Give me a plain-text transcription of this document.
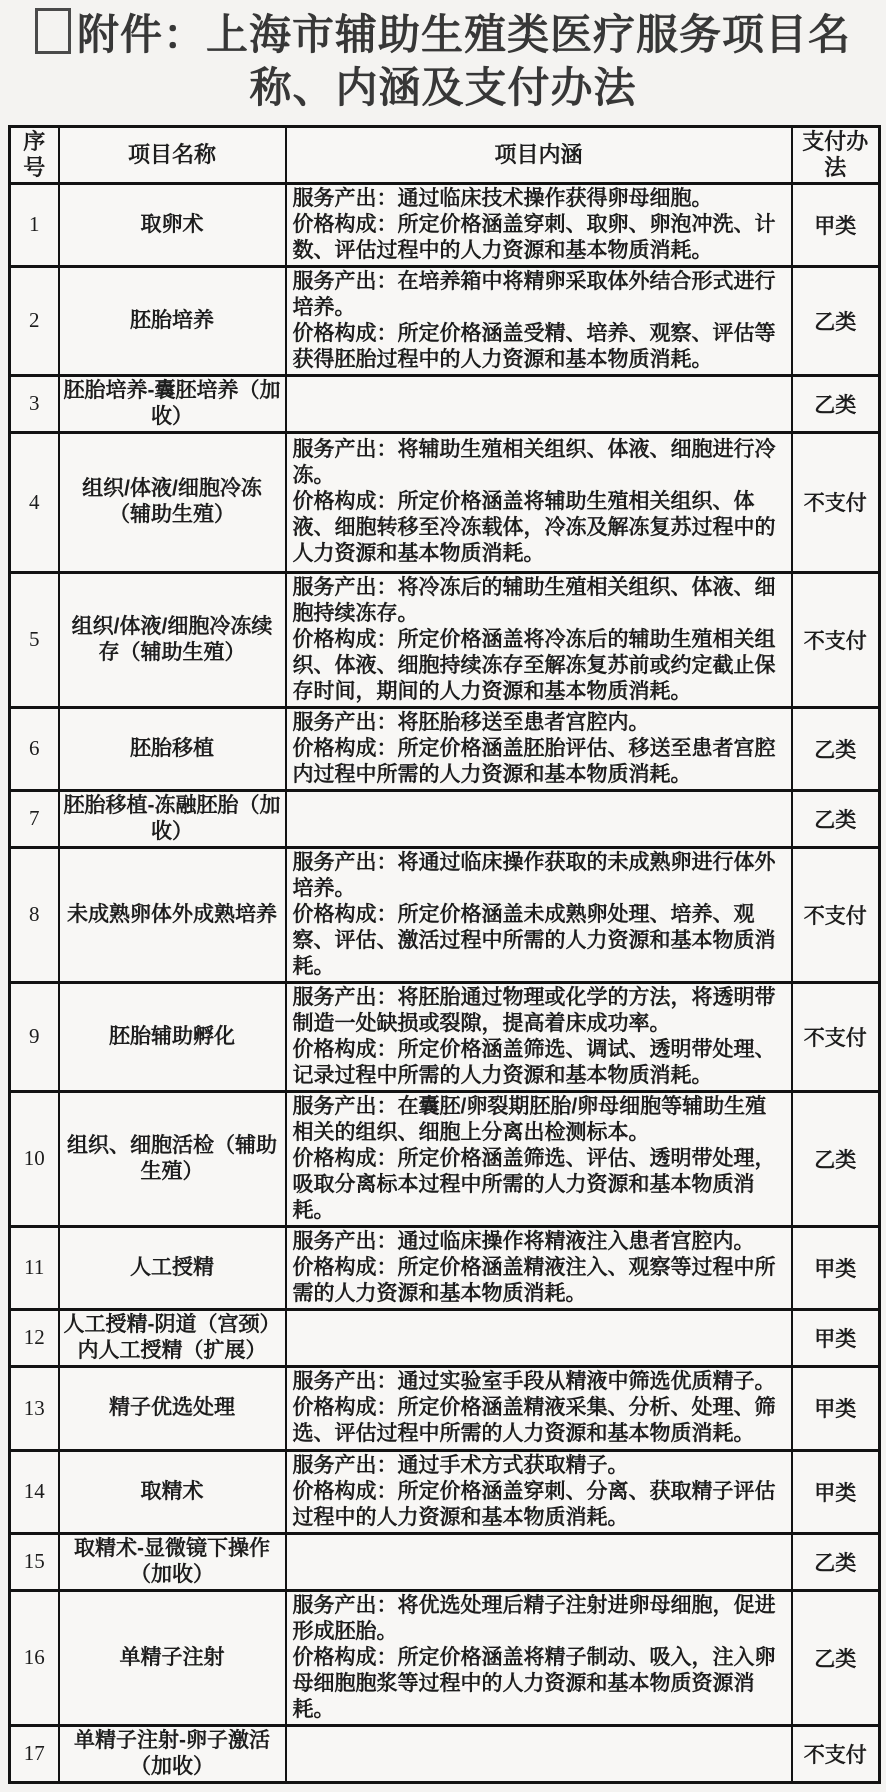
附件：上海市辅助生殖类医疗服务项目名称、内涵及支付办法
序号	项目名称	项目内涵	支付办法
1	取卵术	服务产出：通过临床技术操作获得卵母细胞。

价格构成：所定价格涵盖穿刺、取卵、卵泡冲洗、计数、评估过程中的人力资源和基本物质消耗。	甲类
2	胚胎培养	服务产出：在培养箱中将精卵采取体外结合形式进行培养。

价格构成：所定价格涵盖受精、培养、观察、评估等获得胚胎过程中的人力资源和基本物质消耗。	乙类
3	胚胎培养-囊胚培养（加收）		乙类
4	组织/体液/细胞冷冻（辅助生殖）	服务产出：将辅助生殖相关组织、体液、细胞进行冷冻。

价格构成：所定价格涵盖将辅助生殖相关组织、体液、细胞转移至冷冻载体，冷冻及解冻复苏过程中的人力资源和基本物质消耗。	不支付
5	组织/体液/细胞冷冻续存（辅助生殖）	服务产出：将冷冻后的辅助生殖相关组织、体液、细胞持续冻存。

价格构成：所定价格涵盖将冷冻后的辅助生殖相关组织、体液、细胞持续冻存至解冻复苏前或约定截止保存时间，期间的人力资源和基本物质消耗。	不支付
6	胚胎移植	服务产出：将胚胎移送至患者宫腔内。

价格构成：所定价格涵盖胚胎评估、移送至患者宫腔内过程中所需的人力资源和基本物质消耗。	乙类
7	胚胎移植-冻融胚胎（加收）		乙类
8	未成熟卵体外成熟培养	服务产出：将通过临床操作获取的未成熟卵进行体外培养。

价格构成：所定价格涵盖未成熟卵处理、培养、观察、评估、激活过程中所需的人力资源和基本物质消耗。	不支付
9	胚胎辅助孵化	服务产出：将胚胎通过物理或化学的方法，将透明带制造一处缺损或裂隙，提高着床成功率。

价格构成：所定价格涵盖筛选、调试、透明带处理、记录过程中所需的人力资源和基本物质消耗。	不支付
10	组织、细胞活检（辅助生殖）	服务产出：在囊胚/卵裂期胚胎/卵母细胞等辅助生殖相关的组织、细胞上分离出检测标本。

价格构成：所定价格涵盖筛选、评估、透明带处理，吸取分离标本过程中所需的人力资源和基本物质消耗。	乙类
11	人工授精	服务产出：通过临床操作将精液注入患者宫腔内。

价格构成：所定价格涵盖精液注入、观察等过程中所需的人力资源和基本物质消耗。	甲类
12	人工授精-阴道（宫颈）内人工授精（扩展）		甲类
13	精子优选处理	服务产出：通过实验室手段从精液中筛选优质精子。

价格构成：所定价格涵盖精液采集、分析、处理、筛选、评估过程中所需的人力资源和基本物质消耗。	甲类
14	取精术	服务产出：通过手术方式获取精子。

价格构成：所定价格涵盖穿刺、分离、获取精子评估过程中的人力资源和基本物质消耗。	甲类
15	取精术-显微镜下操作（加收）		乙类
16	单精子注射	服务产出：将优选处理后精子注射进卵母细胞，促进形成胚胎。

价格构成：所定价格涵盖将精子制动、吸入，注入卵母细胞胞浆等过程中的人力资源和基本物质资源消耗。	乙类
17	单精子注射-卵子激活（加收）		不支付
